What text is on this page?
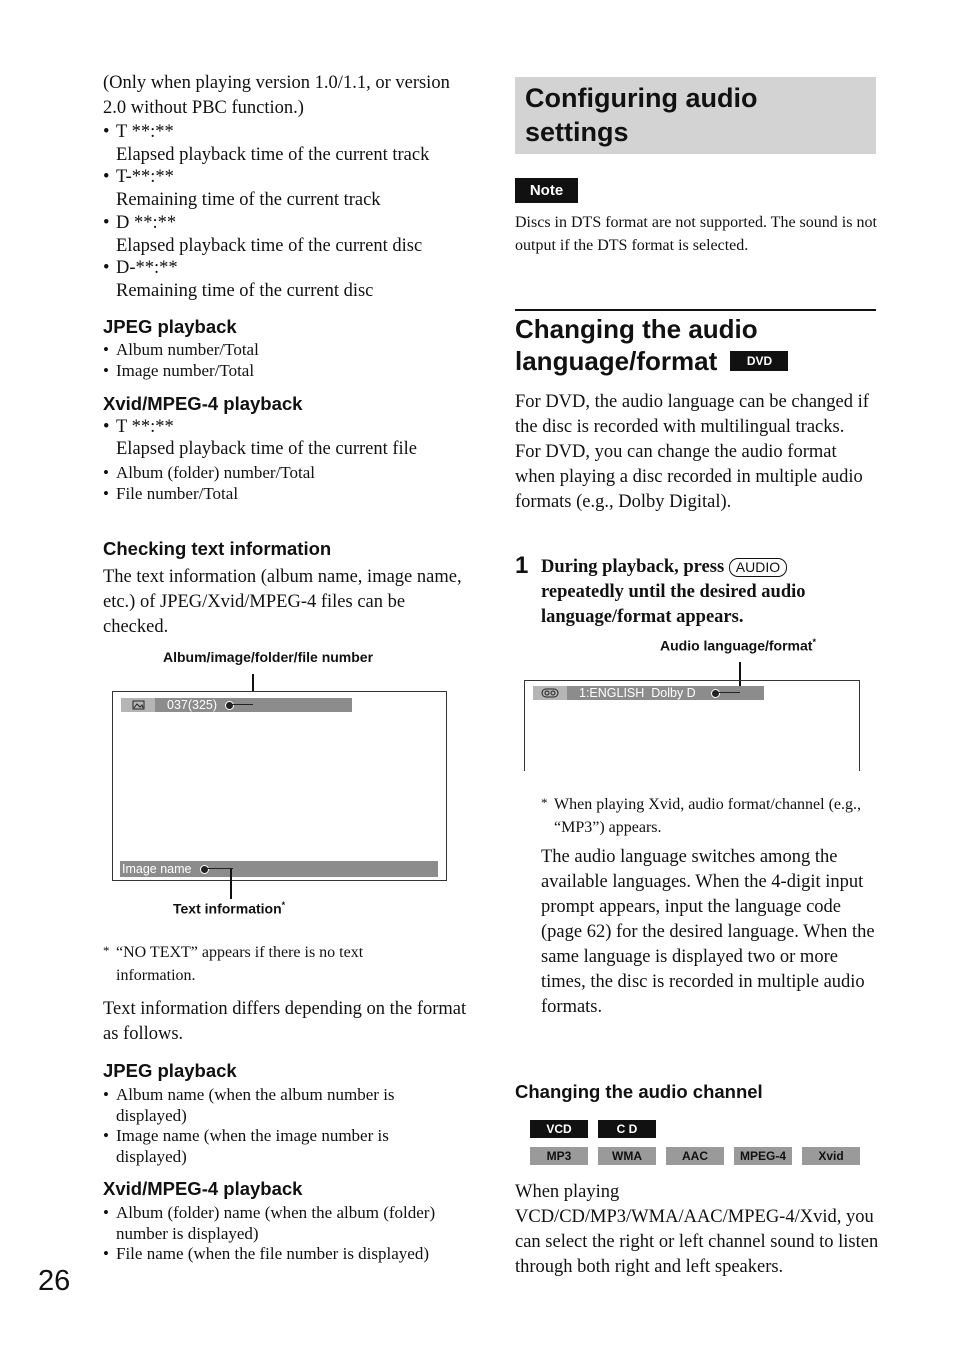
(Only when playing version 1.0/1.1, or version 2.0 without PBC function.)
• T **:**
Elapsed playback time of the current track
• T-**:**
Remaining time of the current track
• D **:**
Elapsed playback time of the current disc
• D-**:**
Remaining time of the current disc
JPEG playback
• Album number/Total
• Image number/Total
Xvid/MPEG-4 playback
• T **:**
Elapsed playback time of the current file
• Album (folder) number/Total
• File number/Total
Checking text information
The text information (album name, image name, etc.) of JPEG/Xvid/MPEG-4 files can be checked.
Album/image/folder/file number
037(325)
Image name
Text information*
* “NO TEXT” appears if there is no text information.
Text information differs depending on the format as follows.
JPEG playback
• Album name (when the album number is displayed)
• Image name (when the image number is displayed)
Xvid/MPEG-4 playback
• Album (folder) name (when the album (folder) number is displayed)
• File name (when the file number is displayed)
26
Configuring audio settings
Note
Discs in DTS format are not supported. The sound is not output if the DTS format is selected.
Changing the audio
language/format DVD
For DVD, the audio language can be changed if the disc is recorded with multilingual tracks. For DVD, you can change the audio format when playing a disc recorded in multiple audio formats (e.g., Dolby Digital).
1 During playback, press AUDIO repeatedly until the desired audio language/format appears.
Audio language/format*
1:ENGLISH  Dolby D
* When playing Xvid, audio format/channel (e.g., “MP3”) appears.
The audio language switches among the available languages. When the 4-digit input prompt appears, input the language code (page 62) for the desired language. When the same language is displayed two or more times, the disc is recorded in multiple audio formats.
Changing the audio channel
VCD	C D
MP3	WMA	AAC	MPEG-4	Xvid
When playing VCD/CD/MP3/WMA/AAC/MPEG-4/Xvid, you can select the right or left channel sound to listen through both right and left speakers.
